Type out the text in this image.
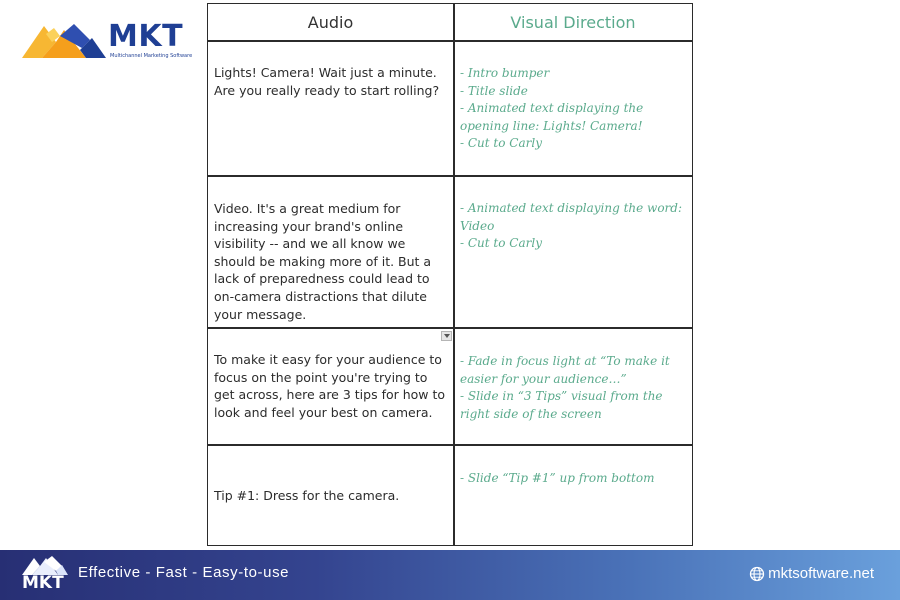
MKT
Multichannel Marketing Software
Audio	Visual Direction
Lights! Camera! Wait just a minute. Are you really ready to start rolling?
- Intro bumper
- Title slide
- Animated text displaying the opening line: Lights! Camera!
- Cut to Carly
Video. It's a great medium for increasing your brand's online visibility -- and we all know we should be making more of it. But a lack of preparedness could lead to on-camera distractions that dilute your message.
- Animated text displaying the word: Video
- Cut to Carly
To make it easy for your audience to focus on the point you're trying to get across, here are 3 tips for how to look and feel your best on camera.
- Fade in focus light at “To make it easier for your audience…”
- Slide in “3 Tips” visual from the right side of the screen
Tip #1: Dress for the camera.
- Slide “Tip #1” up from bottom
MKT
Effective - Fast - Easy-to-use	mktsoftware.net
